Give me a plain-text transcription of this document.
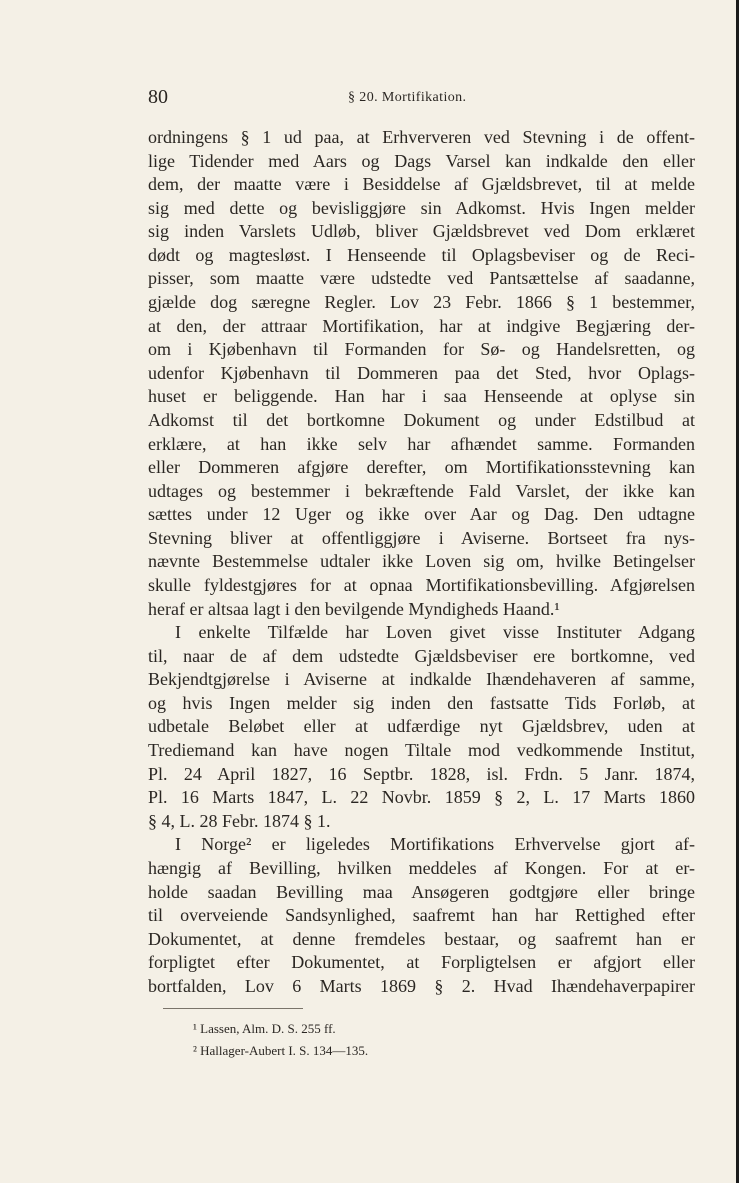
80	§ 20. Mortifikation.
ordningens § 1 ud paa, at Erhververen ved Stevning i de offent-
lige Tidender med Aars og Dags Varsel kan indkalde den eller
dem, der maatte være i Besiddelse af Gjældsbrevet, til at melde
sig med dette og bevisliggjøre sin Adkomst. Hvis Ingen melder
sig inden Varslets Udløb, bliver Gjældsbrevet ved Dom erklæret
dødt og magtesløst. I Henseende til Oplagsbeviser og de Reci-
pisser, som maatte være udstedte ved Pantsættelse af saadanne,
gjælde dog særegne Regler. Lov 23 Febr. 1866 § 1 bestemmer,
at den, der attraar Mortifikation, har at indgive Begjæring der-
om i Kjøbenhavn til Formanden for Sø- og Handelsretten, og
udenfor Kjøbenhavn til Dommeren paa det Sted, hvor Oplags-
huset er beliggende. Han har i saa Henseende at oplyse sin
Adkomst til det bortkomne Dokument og under Edstilbud at
erklære, at han ikke selv har afhændet samme. Formanden
eller Dommeren afgjøre derefter, om Mortifikationsstevning kan
udtages og bestemmer i bekræftende Fald Varslet, der ikke kan
sættes under 12 Uger og ikke over Aar og Dag. Den udtagne
Stevning bliver at offentliggjøre i Aviserne. Bortseet fra nys-
nævnte Bestemmelse udtaler ikke Loven sig om, hvilke Betingelser
skulle fyldestgjøres for at opnaa Mortifikationsbevilling. Afgjørelsen
heraf er altsaa lagt i den bevilgende Myndigheds Haand.¹
I enkelte Tilfælde har Loven givet visse Instituter Adgang
til, naar de af dem udstedte Gjældsbeviser ere bortkomne, ved
Bekjendtgjørelse i Aviserne at indkalde Ihændehaveren af samme,
og hvis Ingen melder sig inden den fastsatte Tids Forløb, at
udbetale Beløbet eller at udfærdige nyt Gjældsbrev, uden at
Trediemand kan have nogen Tiltale mod vedkommende Institut,
Pl. 24 April 1827, 16 Septbr. 1828, isl. Frdn. 5 Janr. 1874,
Pl. 16 Marts 1847, L. 22 Novbr. 1859 § 2, L. 17 Marts 1860
§ 4, L. 28 Febr. 1874 § 1.
I Norge² er ligeledes Mortifikations Erhvervelse gjort af-
hængig af Bevilling, hvilken meddeles af Kongen. For at er-
holde saadan Bevilling maa Ansøgeren godtgjøre eller bringe
til overveiende Sandsynlighed, saafremt han har Rettighed efter
Dokumentet, at denne fremdeles bestaar, og saafremt han er
forpligtet efter Dokumentet, at Forpligtelsen er afgjort eller
bortfalden, Lov 6 Marts 1869 § 2. Hvad Ihændehaverpapirer
¹ Lassen, Alm. D. S. 255 ff.
² Hallager-Aubert I. S. 134—135.
